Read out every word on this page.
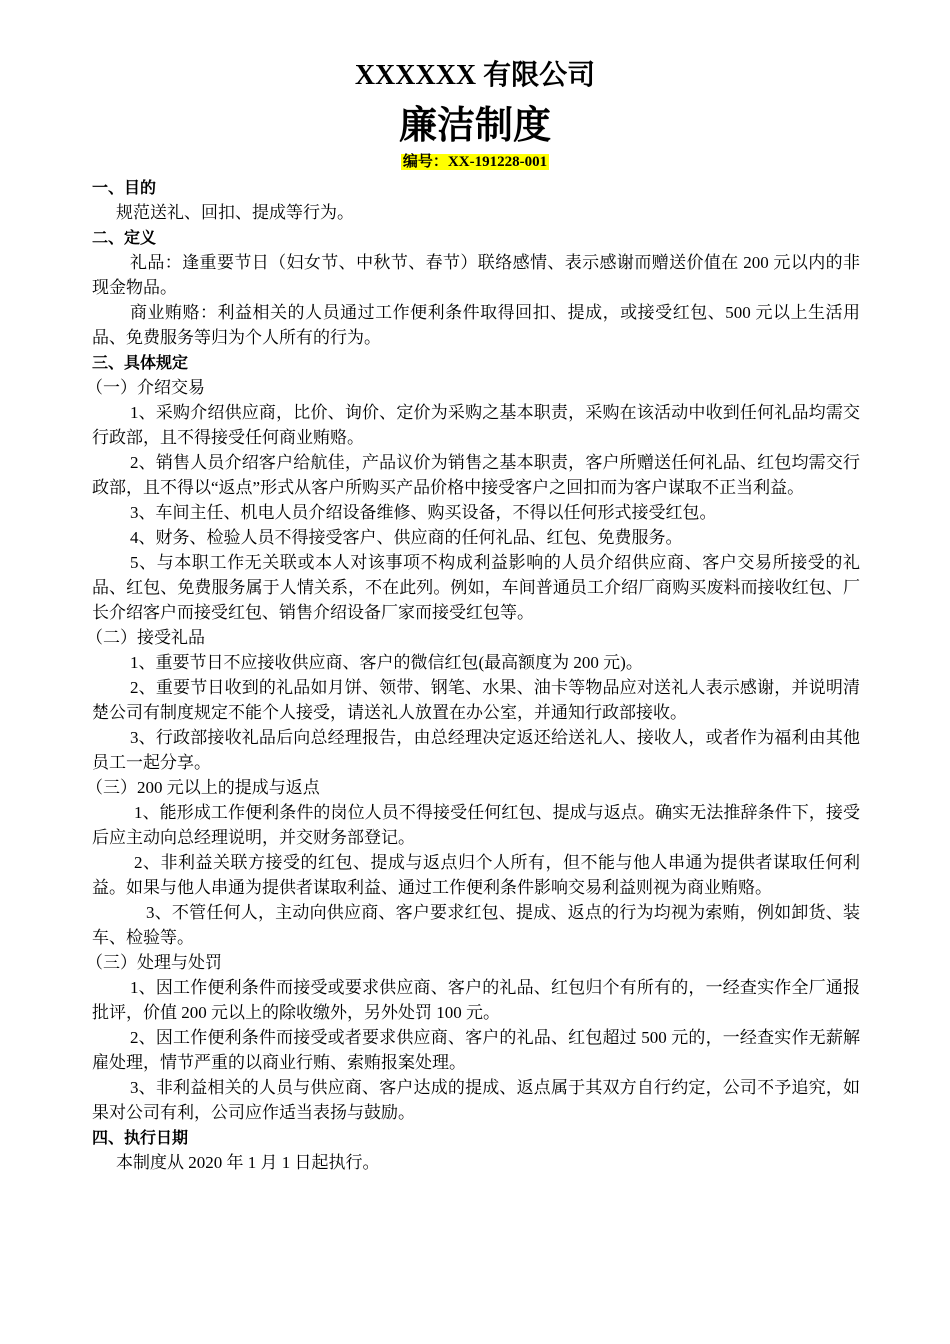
XXXXXX 有限公司
廉洁制度
编号：XX-191228-001

一、目的

规范送礼、回扣、提成等行为。

二、定义

礼品：逢重要节日（妇女节、中秋节、春节）联络感情、表示感谢而赠送价值在 200 元以内的非现金物品。

商业贿赂：利益相关的人员通过工作便利条件取得回扣、提成，或接受红包、500 元以上生活用品、免费服务等归为个人所有的行为。

三、具体规定

（一）介绍交易

1、采购介绍供应商，比价、询价、定价为采购之基本职责，采购在该活动中收到任何礼品均需交行政部，且不得接受任何商业贿赂。

2、销售人员介绍客户给航佳，产品议价为销售之基本职责，客户所赠送任何礼品、红包均需交行政部，且不得以“返点”形式从客户所购买产品价格中接受客户之回扣而为客户谋取不正当利益。

3、车间主任、机电人员介绍设备维修、购买设备，不得以任何形式接受红包。

4、财务、检验人员不得接受客户、供应商的任何礼品、红包、免费服务。

5、与本职工作无关联或本人对该事项不构成利益影响的人员介绍供应商、客户交易所接受的礼品、红包、免费服务属于人情关系，不在此列。例如，车间普通员工介绍厂商购买废料而接收红包、厂长介绍客户而接受红包、销售介绍设备厂家而接受红包等。

（二）接受礼品

1、重要节日不应接收供应商、客户的微信红包(最高额度为 200 元)。

2、重要节日收到的礼品如月饼、领带、钢笔、水果、油卡等物品应对送礼人表示感谢，并说明清楚公司有制度规定不能个人接受，请送礼人放置在办公室，并通知行政部接收。

3、行政部接收礼品后向总经理报告，由总经理决定返还给送礼人、接收人，或者作为福利由其他员工一起分享。

（三）200 元以上的提成与返点

1、能形成工作便利条件的岗位人员不得接受任何红包、提成与返点。确实无法推辞条件下，接受后应主动向总经理说明，并交财务部登记。

2、非利益关联方接受的红包、提成与返点归个人所有，但不能与他人串通为提供者谋取任何利益。如果与他人串通为提供者谋取利益、通过工作便利条件影响交易利益则视为商业贿赂。

3、不管任何人，主动向供应商、客户要求红包、提成、返点的行为均视为索贿，例如卸货、装车、检验等。

（三）处理与处罚

1、因工作便利条件而接受或要求供应商、客户的礼品、红包归个有所有的，一经查实作全厂通报批评，价值 200 元以上的除收缴外，另外处罚 100 元。

2、因工作便利条件而接受或者要求供应商、客户的礼品、红包超过 500 元的，一经查实作无薪解雇处理，情节严重的以商业行贿、索贿报案处理。

3、非利益相关的人员与供应商、客户达成的提成、返点属于其双方自行约定，公司不予追究，如果对公司有利，公司应作适当表扬与鼓励。

四、执行日期

本制度从 2020 年 1 月 1 日起执行。
